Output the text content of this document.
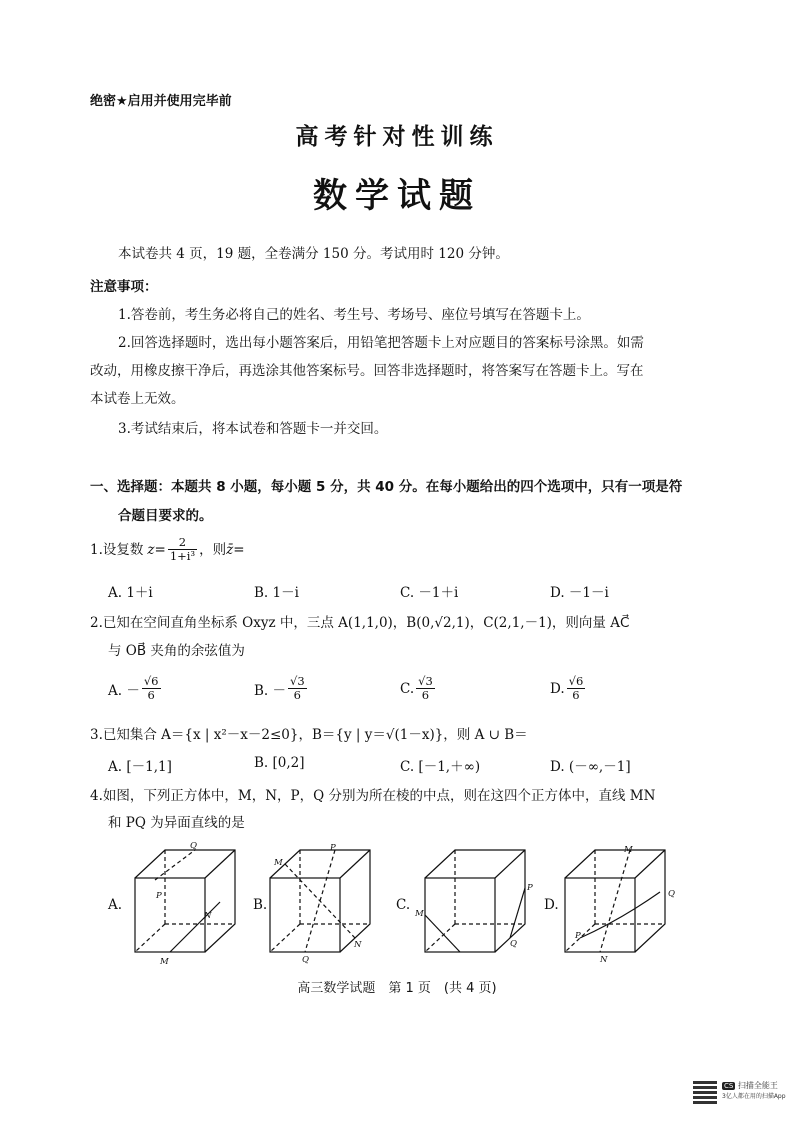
绝密★启用并使用完毕前
高考针对性训练
数学试题
本试卷共 4 页，19 题，全卷满分 150 分。考试用时 120 分钟。
注意事项：
1.答卷前，考生务必将自己的姓名、考生号、考场号、座位号填写在答题卡上。
2.回答选择题时，选出每小题答案后，用铅笔把答题卡上对应题目的答案标号涂黑。如需
改动，用橡皮擦干净后，再选涂其他答案标号。回答非选择题时，将答案写在答题卡上。写在
本试卷上无效。
3.考试结束后，将本试卷和答题卡一并交回。
一、选择题：本题共 8 小题，每小题 5 分，共 40 分。在每小题给出的四个选项中，只有一项是符
合题目要求的。
1.设复数 $z = \frac{2}{\text{1+i³}}$ ，则 z̄ =
A. 1＋i	B. 1－i	C. －1＋i	D. －1－i
2.已知在空间直角坐标系 Oxyz 中，三点 A(1,1,0)，B(0,√2,1)，C(2,1,－1)，则向量 AC⃗
与 OB⃗ 夹角的余弦值为
A. － $\frac{√6}{6}$	B. － $\frac{√3}{6}$	C. $\frac{√3}{6}$	D. $\frac{√6}{6}$
3.已知集合 A＝{x | x²－x－2≤0}，B＝{y | y＝√(1－x)}，则 A ∪ B＝
A. [－1,1]	B. [0,2]	C. [－1,＋∞)	D. (－∞,－1]
4.如图，下列正方体中，M，N，P，Q 分别为所在棱的中点，则在这四个正方体中，直线 MN
和 PQ 为异面直线的是
Q
P
N
M
M
P
N
Q
M
P
Q
M
Q
P
N
A.	B.	C.	D.
高三数学试题　第 1 页　(共 4 页)
CS 扫描全能王
3亿人都在用的扫描App
